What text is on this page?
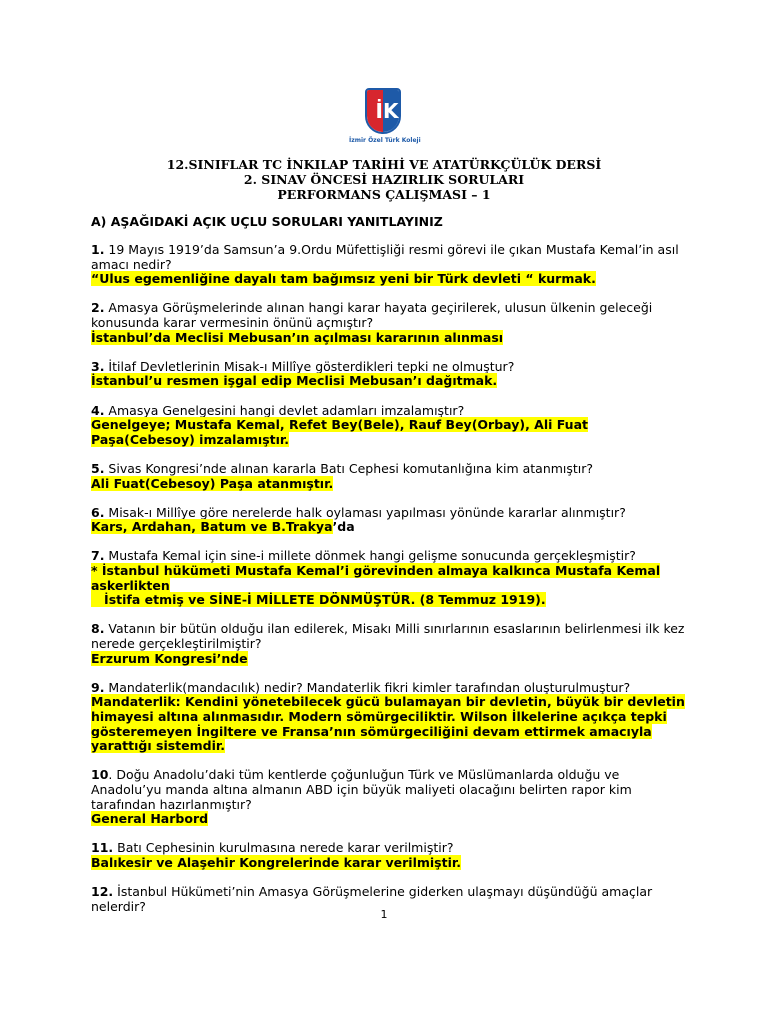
İ K
İzmir Özel Türk Koleji
12.SINIFLAR TC İNKILAP TARİHİ VE ATATÜRKÇÜLÜK DERSİ
2. SINAV ÖNCESİ HAZIRLIK SORULARI
PERFORMANS ÇALIŞMASI – 1
A) AŞAĞIDAKİ AÇIK UÇLU SORULARI YANITLAYINIZ
1. 19 Mayıs 1919’da Samsun’a 9.Ordu Müfettişliği resmi görevi ile çıkan Mustafa Kemal’in asıl amacı nedir?
“Ulus egemenliğine dayalı tam bağımsız yeni bir Türk devleti “ kurmak.
2. Amasya Görüşmelerinde alınan hangi karar hayata geçirilerek, ulusun ülkenin geleceği konusunda karar vermesinin önünü açmıştır?
İstanbul’da Meclisi Mebusan’ın açılması kararının alınması
3. İtilaf Devletlerinin Misak-ı Millîye gösterdikleri tepki ne olmuştur?
İstanbul’u resmen işgal edip Meclisi Mebusan’ı dağıtmak.
4. Amasya Genelgesini hangi devlet adamları imzalamıştır?
Genelgeye; Mustafa Kemal, Refet Bey(Bele), Rauf Bey(Orbay), Ali Fuat Paşa(Cebesoy) imzalamıştır.
5. Sivas Kongresi’nde alınan kararla Batı Cephesi komutanlığına kim atanmıştır?
Ali Fuat(Cebesoy) Paşa atanmıştır.
6. Misak-ı Millîye göre nerelerde halk oylaması yapılması yönünde kararlar alınmıştır?
Kars, Ardahan, Batum ve B.Trakya’da
7. Mustafa Kemal için sine-i millete dönmek hangi gelişme sonucunda gerçekleşmiştir?
* İstanbul hükümeti Mustafa Kemal’i görevinden almaya kalkınca Mustafa Kemal askerlikten
İstifa etmiş ve SİNE-İ MİLLETE DÖNMÜŞTÜR. (8 Temmuz 1919).
8. Vatanın bir bütün olduğu ilan edilerek, Misakı Milli sınırlarının esaslarının belirlenmesi ilk kez nerede gerçekleştirilmiştir?
Erzurum Kongresi’nde
9. Mandaterlik(mandacılık) nedir? Mandaterlik fikri kimler tarafından oluşturulmuştur?
Mandaterlik: Kendini yönetebilecek gücü bulamayan bir devletin, büyük bir devletin himayesi altına alınmasıdır. Modern sömürgeciliktir. Wilson İlkelerine açıkça tepki gösteremeyen İngiltere ve Fransa’nın sömürgeciliğini devam ettirmek amacıyla yarattığı sistemdir.
10. Doğu Anadolu’daki tüm kentlerde çoğunluğun Türk ve Müslümanlarda olduğu ve Anadolu’yu manda altına almanın ABD için büyük maliyeti olacağını belirten rapor kim tarafından hazırlanmıştır?
General Harbord
11. Batı Cephesinin kurulmasına nerede karar verilmiştir?
Balıkesir ve Alaşehir Kongrelerinde karar verilmiştir.
12. İstanbul Hükümeti’nin Amasya Görüşmelerine giderken ulaşmayı düşündüğü amaçlar nelerdir?
1
